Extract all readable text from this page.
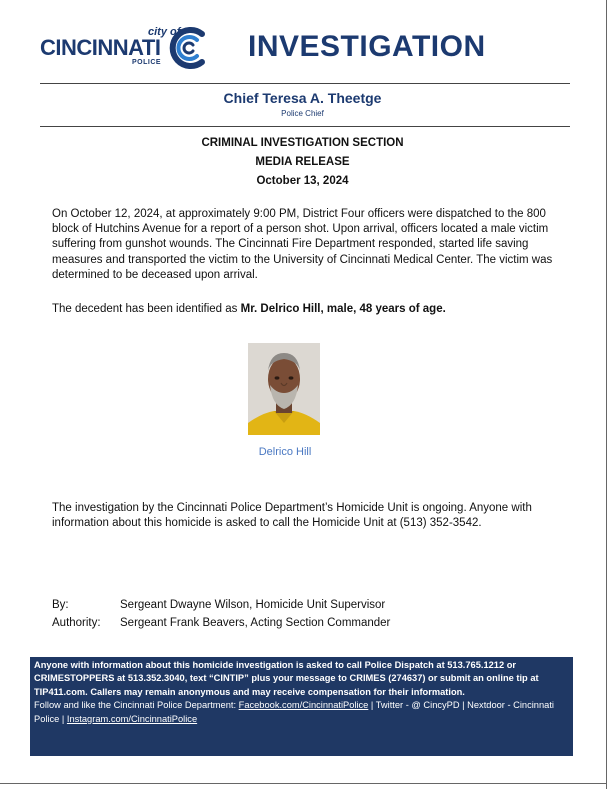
city of
CINCINNATI
POLICE	INVESTIGATION
Chief Teresa A. Theetge
Police Chief
CRIMINAL INVESTIGATION SECTION
MEDIA RELEASE
October 13, 2024
On October 12, 2024, at approximately 9:00 PM, District Four officers were dispatched to the 800 block of Hutchins Avenue for a report of a person shot. Upon arrival, officers located a male victim suffering from gunshot wounds. The Cincinnati Fire Department responded, started life saving measures and transported the victim to the University of Cincinnati Medical Center. The victim was determined to be deceased upon arrival.
The decedent has been identified as Mr. Delrico Hill, male, 48 years of age.
Delrico Hill
The investigation by the Cincinnati Police Department’s Homicide Unit is ongoing. Anyone with information about this homicide is asked to call the Homicide Unit at (513) 352-3542.
By:	Sergeant Dwayne Wilson, Homicide Unit Supervisor
Authority: Sergeant Frank Beavers, Acting Section Commander

Anyone with information about this homicide investigation is asked to call Police Dispatch at 513.765.1212 or CRIMESTOPPERS at 513.352.3040, text “CINTIP” plus your message to CRIMES (274637) or submit an online tip at TIP411.com. Callers may remain anonymous and may receive compensation for their information.

Follow and like the Cincinnati Police Department: Facebook.com/CincinnatiPolice | Twitter - @ CincyPD | Nextdoor - Cincinnati Police | Instagram.com/CincinnatiPolice
